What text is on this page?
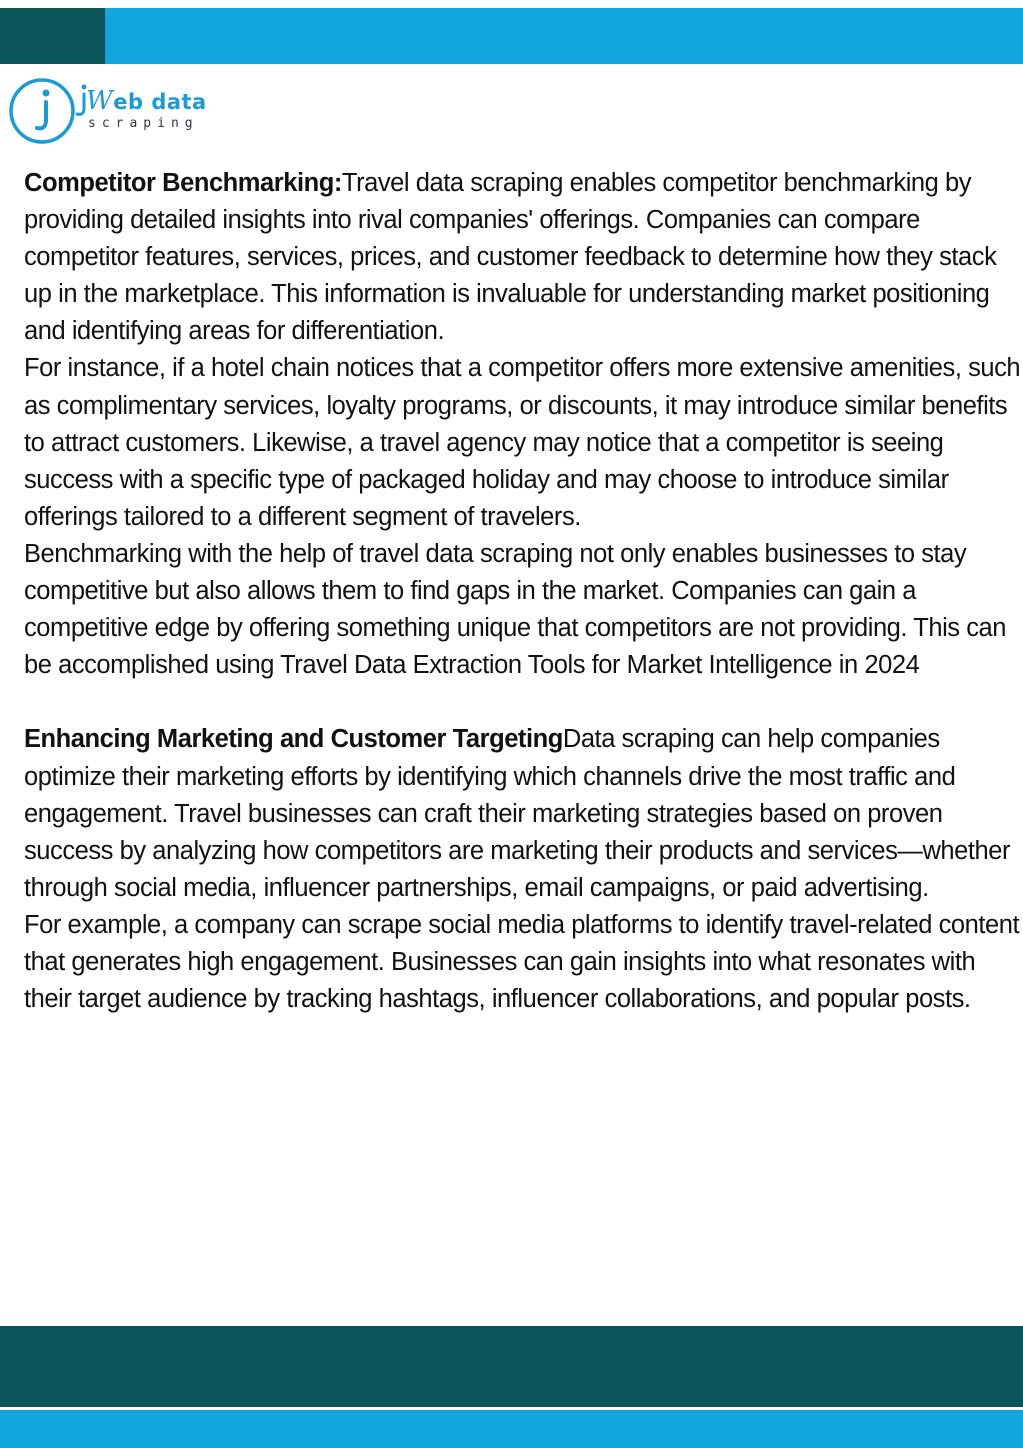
Web data
scraping

Competitor Benchmarking:Travel data scraping enables competitor benchmarking by providing detailed insights into rival companies' offerings. Companies can compare competitor features, services, prices, and customer feedback to determine how they stack up in the marketplace. This information is invaluable for understanding market positioning and identifying areas for differentiation.

For instance, if a hotel chain notices that a competitor offers more extensive amenities, such as complimentary services, loyalty programs, or discounts, it may introduce similar benefits to attract customers. Likewise, a travel agency may notice that a competitor is seeing success with a specific type of packaged holiday and may choose to introduce similar offerings tailored to a different segment of travelers.

Benchmarking with the help of travel data scraping not only enables businesses to stay competitive but also allows them to find gaps in the market. Companies can gain a competitive edge by offering something unique that competitors are not providing. This can be accomplished using Travel Data Extraction Tools for Market Intelligence in 2024

Enhancing Marketing and Customer TargetingData scraping can help companies optimize their marketing efforts by identifying which channels drive the most traffic and engagement. Travel businesses can craft their marketing strategies based on proven success by analyzing how competitors are marketing their products and services—whether through social media, influencer partnerships, email campaigns, or paid advertising.

For example, a company can scrape social media platforms to identify travel-related content that generates high engagement. Businesses can gain insights into what resonates with their target audience by tracking hashtags, influencer collaborations, and popular posts.
